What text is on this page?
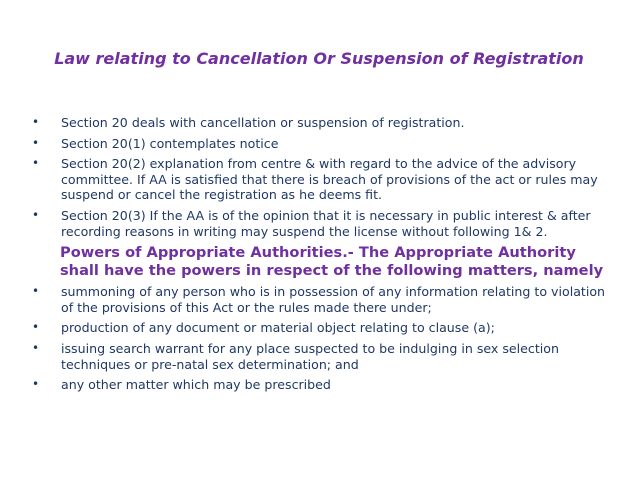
Law relating to Cancellation Or Suspension of Registration
• Section 20 deals with cancellation or suspension of registration.
• Section 20(1) contemplates notice
• Section 20(2) explanation from centre & with regard to the advice of the advisory committee. If AA is satisfied that there is breach of provisions of the act or rules may suspend or cancel the registration as he deems fit.
• Section 20(3) If the AA is of the opinion that it is necessary in public interest & after recording reasons in writing may suspend the license without following 1& 2.
Powers of Appropriate Authorities.- The Appropriate Authority shall have the powers in respect of the following matters, namely
• summoning of any person who is in possession of any information relating to violation of the provisions of this Act or the rules made there under;
• production of any document or material object relating to clause (a);
• issuing search warrant for any place suspected to be indulging in sex selection techniques or pre-natal sex determination; and
• any other matter which may be prescribed
